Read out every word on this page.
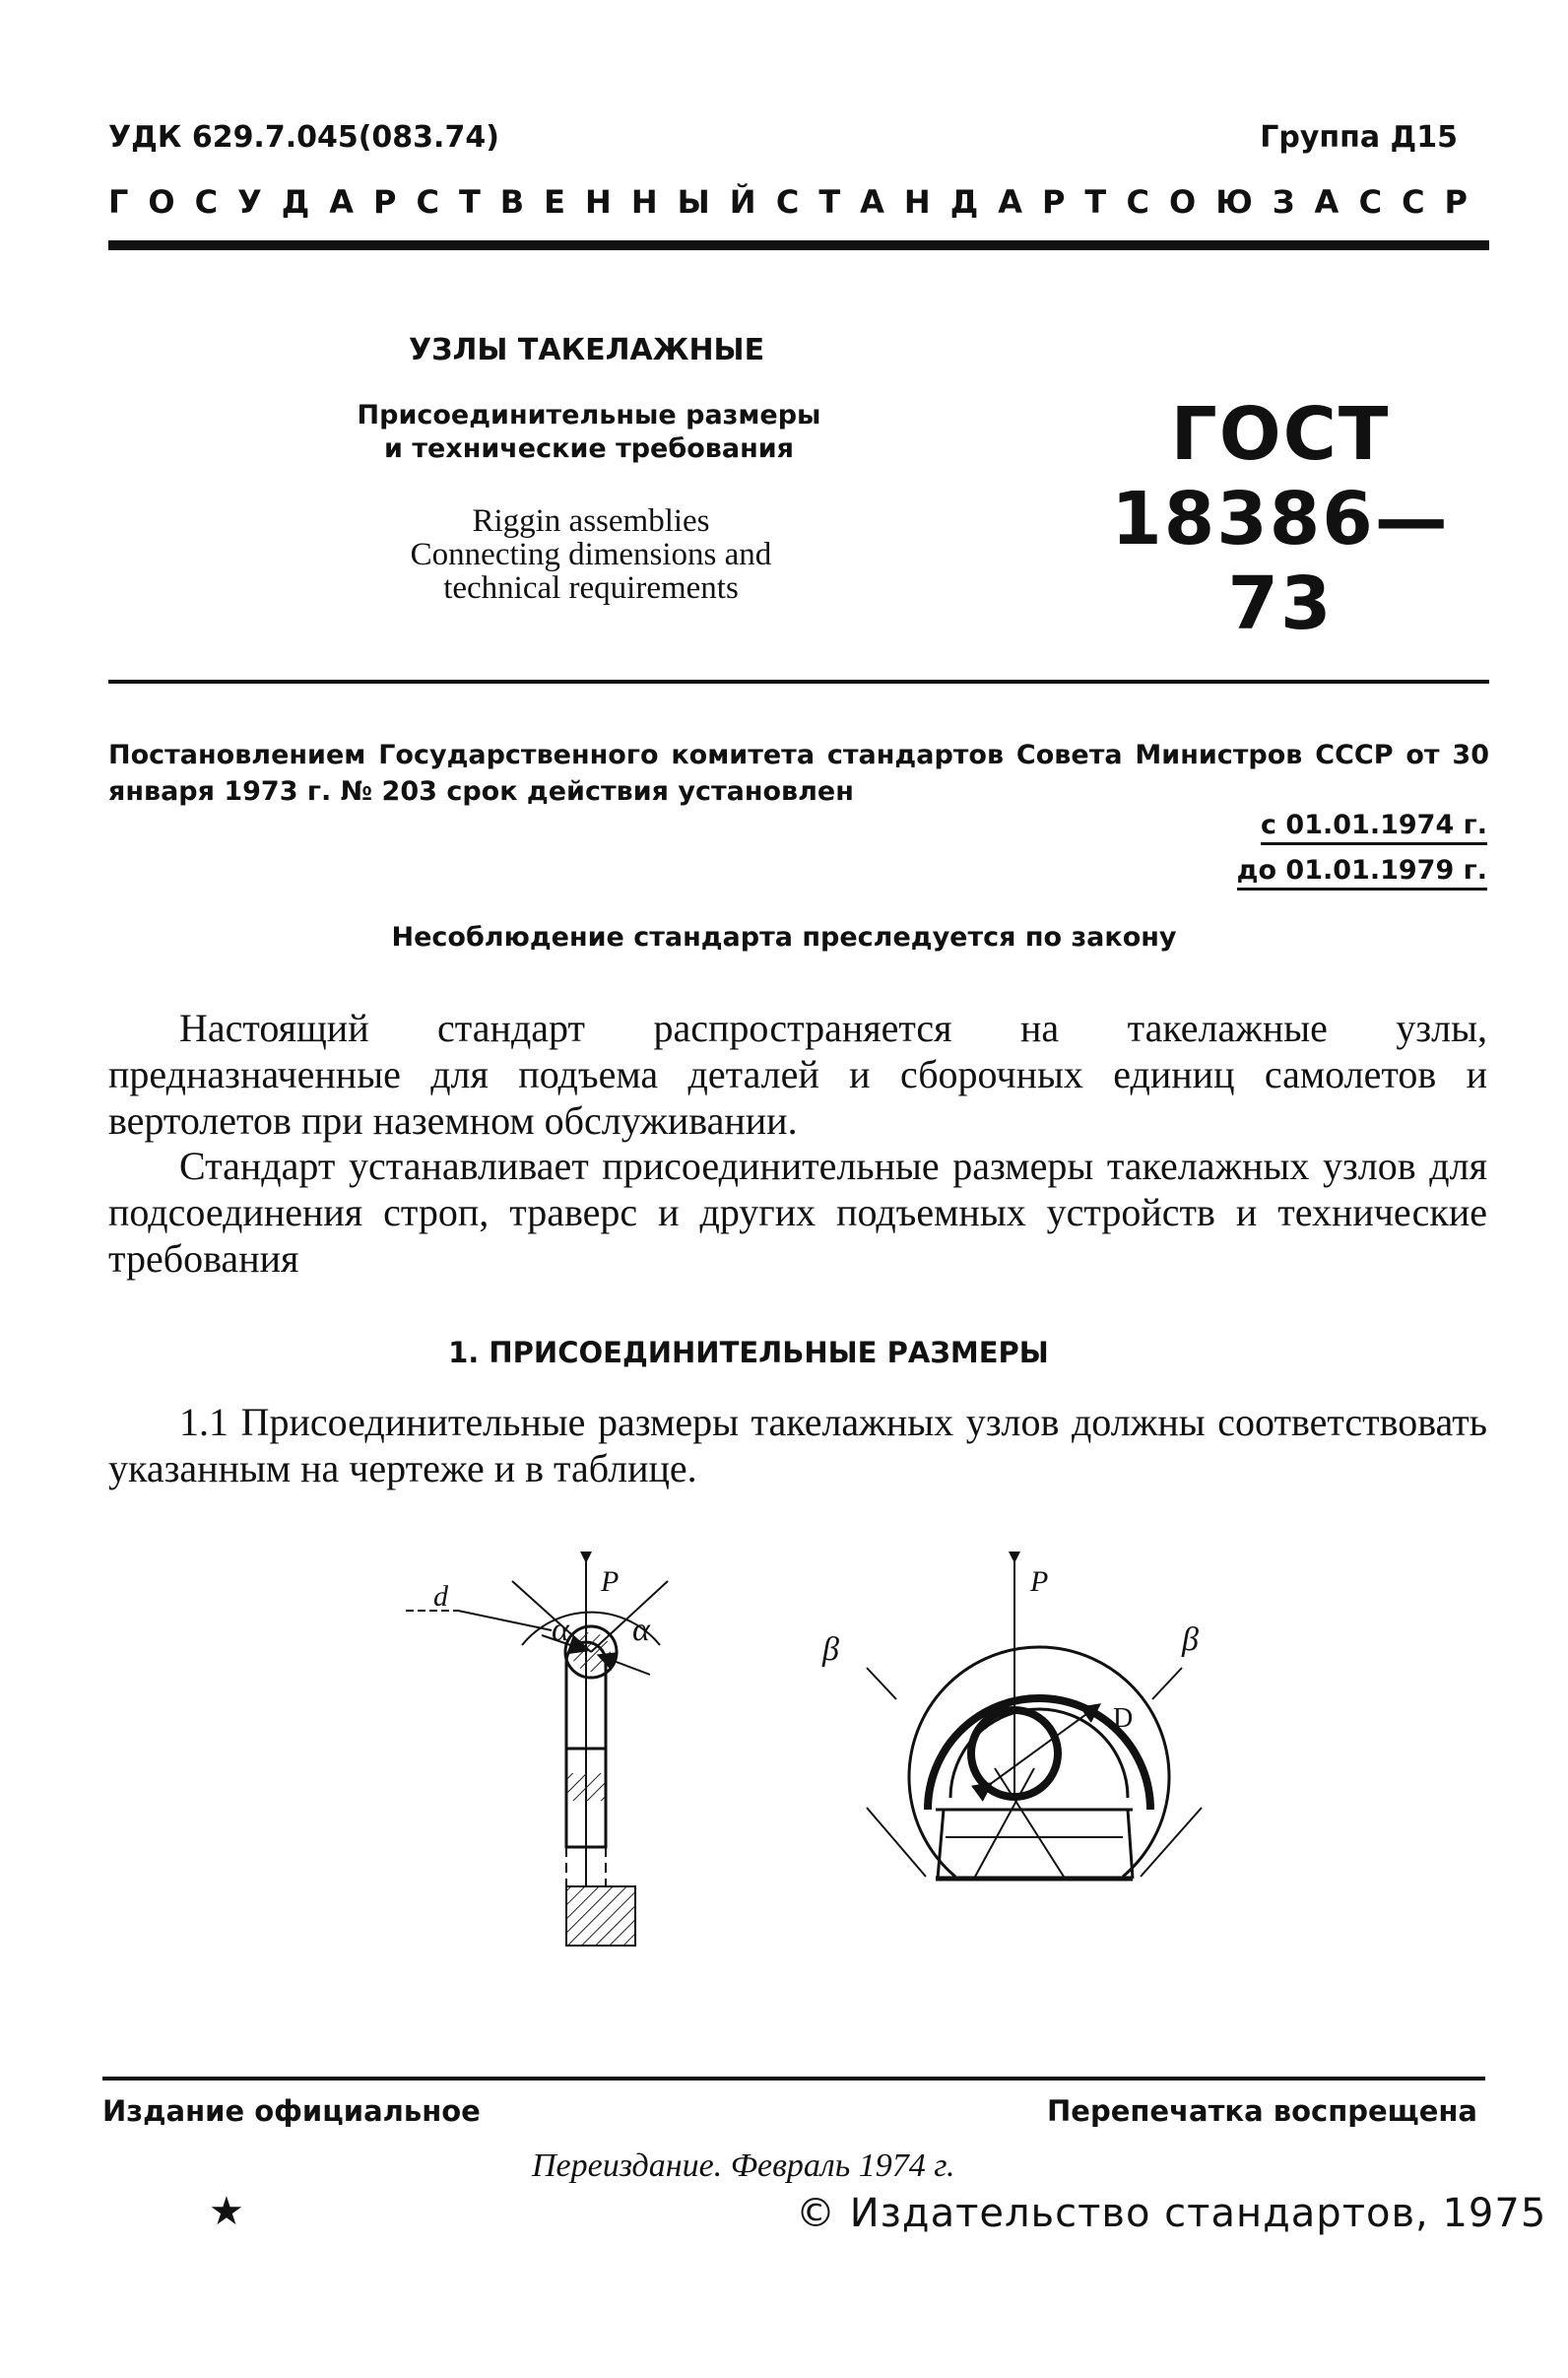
УДК 629.7.045(083.74)	Группа Д15
ГОСУДАРСТВЕННЫЙ СТАНДАРТ СОЮЗА ССР
УЗЛЫ ТАКЕЛАЖНЫЕ
Присоединительные размеры
и технические требования
Riggin assemblies
Connecting dimensions and
technical requirements
ГОСТ
18386—73
Постановлением Государственного комитета стандартов Совета Министров СССР от 30 января 1973 г. № 203 срок действия установлен
с 01.01.1974 г.
до 01.01.1979 г.
Несоблюдение стандарта преследуется по закону
Настоящий стандарт распространяется на такелажные узлы, предназначенные для подъема деталей и сборочных единиц самолетов и вертолетов при наземном обслуживании.
Стандарт устанавливает присоединительные размеры такелажных узлов для подсоединения строп, траверс и других подъемных устройств и технические требования
1. ПРИСОЕДИНИТЕЛЬНЫЕ РАЗМЕРЫ
1.1 Присоединительные размеры такелажных узлов должны соответствовать указанным на чертеже и в таблице.
P
α α
d	P
β	β
D
Издание официальное	Перепечатка воспрещена
Переиздание. Февраль 1974 г.
★	© Издательство стандартов, 1975
